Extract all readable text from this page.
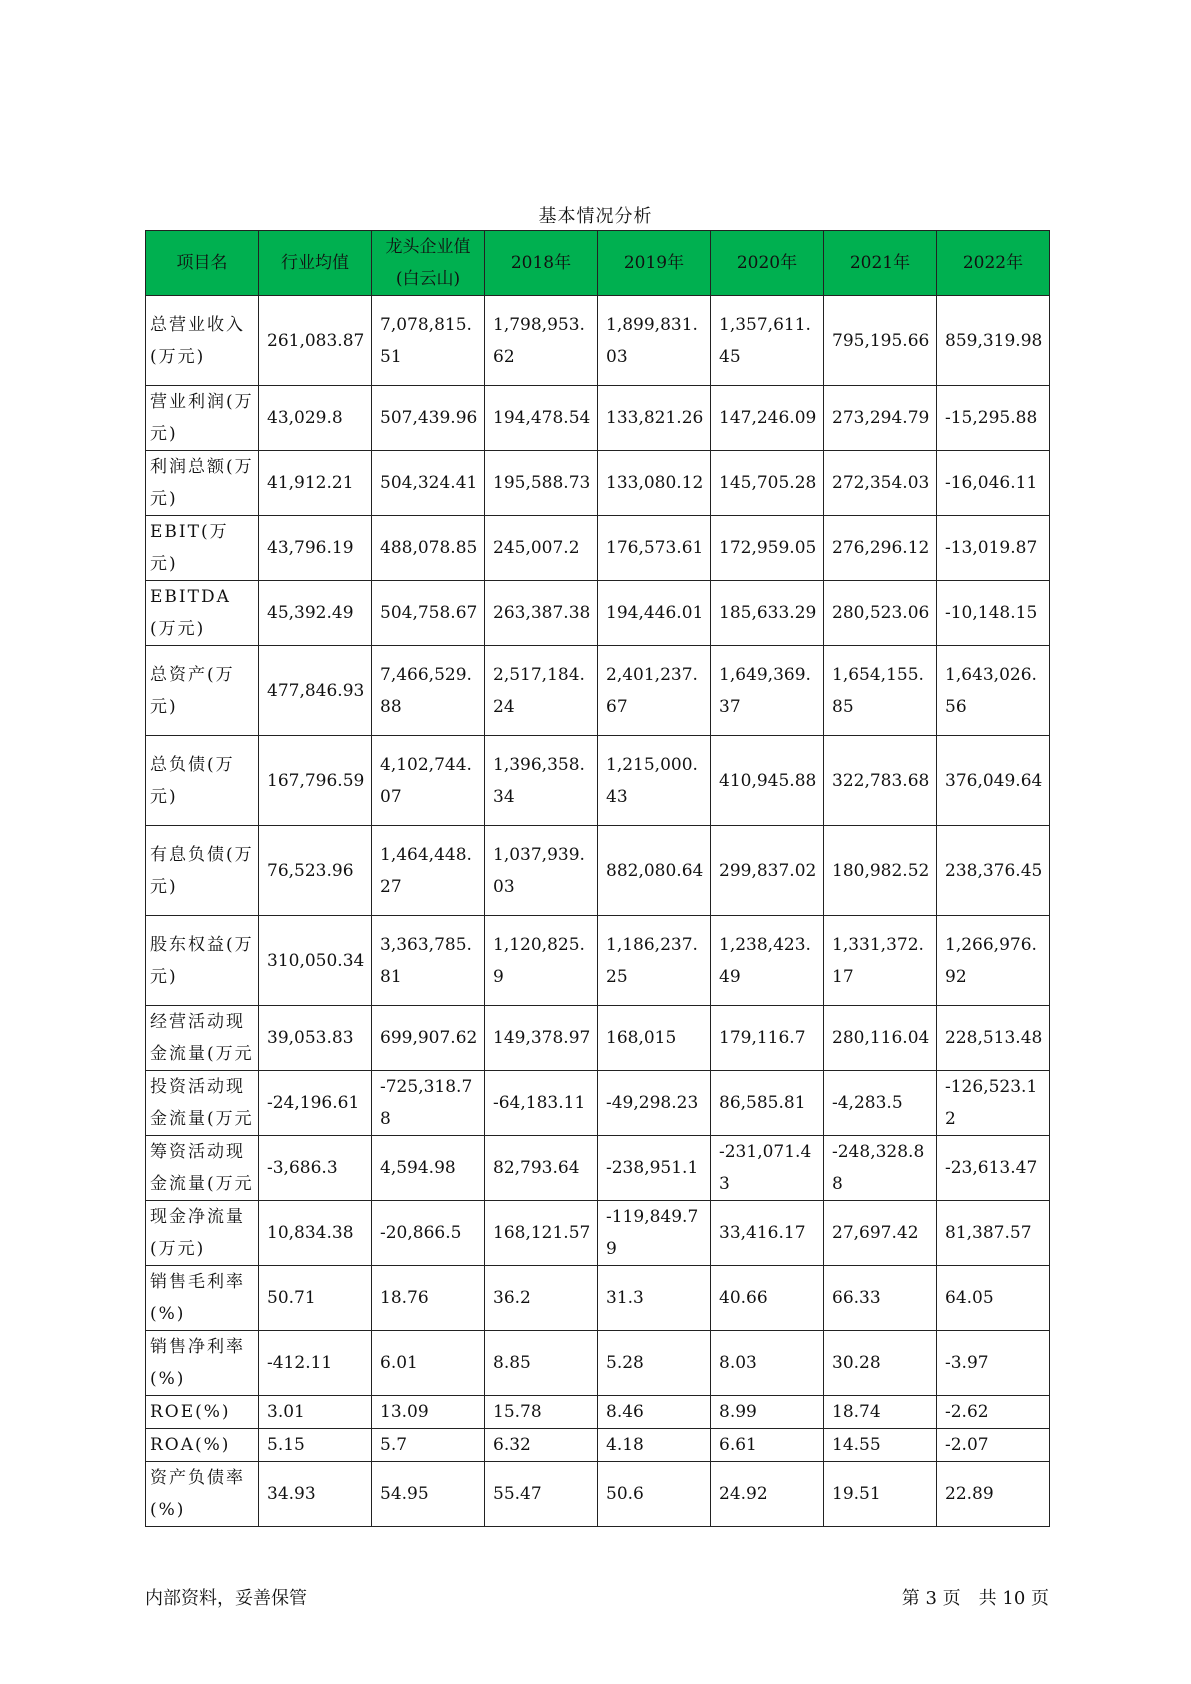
基本情况分析
项目名	行业均值	龙头企业值(白云山)	2018年	2019年	2020年	2021年	2022年
总营业收入(万元)	261,083.87	7,078,815.51	1,798,953.62	1,899,831.03	1,357,611.45	795,195.66	859,319.98
营业利润(万元)	43,029.8	507,439.96	194,478.54	133,821.26	147,246.09	273,294.79	-15,295.88
利润总额(万元)	41,912.21	504,324.41	195,588.73	133,080.12	145,705.28	272,354.03	-16,046.11
EBIT(万元)	43,796.19	488,078.85	245,007.2	176,573.61	172,959.05	276,296.12	-13,019.87
EBITDA(万元)	45,392.49	504,758.67	263,387.38	194,446.01	185,633.29	280,523.06	-10,148.15
总资产(万元)	477,846.93	7,466,529.88	2,517,184.24	2,401,237.67	1,649,369.37	1,654,155.85	1,643,026.56
总负债(万元)	167,796.59	4,102,744.07	1,396,358.34	1,215,000.43	410,945.88	322,783.68	376,049.64
有息负债(万元)	76,523.96	1,464,448.27	1,037,939.03	882,080.64	299,837.02	180,982.52	238,376.45
股东权益(万元)	310,050.34	3,363,785.81	1,120,825.9	1,186,237.25	1,238,423.49	1,331,372.17	1,266,976.92
经营活动现金流量(万元	39,053.83	699,907.62	149,378.97	168,015	179,116.7	280,116.04	228,513.48
投资活动现金流量(万元	-24,196.61	-725,318.78	-64,183.11	-49,298.23	86,585.81	-4,283.5	-126,523.12
筹资活动现金流量(万元	-3,686.3	4,594.98	82,793.64	-238,951.1	-231,071.43	-248,328.88	-23,613.47
现金净流量(万元)	10,834.38	-20,866.5	168,121.57	-119,849.79	33,416.17	27,697.42	81,387.57
销售毛利率(%)	50.71	18.76	36.2	31.3	40.66	66.33	64.05
销售净利率(%)	-412.11	6.01	8.85	5.28	8.03	30.28	-3.97
ROE(%)	3.01	13.09	15.78	8.46	8.99	18.74	-2.62
ROA(%)	5.15	5.7	6.32	4.18	6.61	14.55	-2.07
资产负债率(%)	34.93	54.95	55.47	50.6	24.92	19.51	22.89
内部资料，妥善保管	第 3 页　共 10 页
